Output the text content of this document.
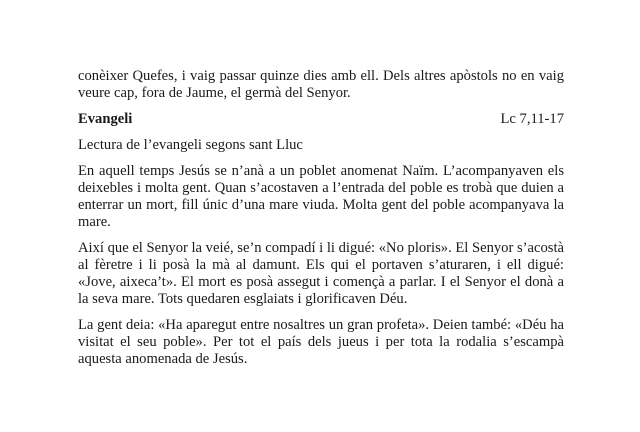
conèixer Quefes, i vaig passar quinze dies amb ell. Dels altres apòstols no en vaig veure cap, fora de Jaume, el germà del Senyor.

Evangeli	Lc 7,11-17

Lectura de l’evangeli segons sant Lluc

En aquell temps Jesús se n’anà a un poblet anomenat Naïm. L’acompanyaven els deixebles i molta gent. Quan s’acostaven a l’entrada del poble es trobà que duien a enterrar un mort, fill únic d’una mare viuda. Molta gent del poble acompanyava la mare.

Així que el Senyor la veié, se’n compadí i li digué: «No ploris». El Senyor s’acostà al fèretre i li posà la mà al damunt. Els qui el portaven s’aturaren, i ell digué: «Jove, aixeca’t». El mort es posà assegut i començà a parlar. I el Senyor el donà a la seva mare. Tots quedaren esglaiats i glorificaven Déu.

La gent deia: «Ha aparegut entre nosaltres un gran profeta». Deien també: «Déu ha visitat el seu poble». Per tot el país dels jueus i per tota la rodalia s’escampà aquesta anomenada de Jesús.
